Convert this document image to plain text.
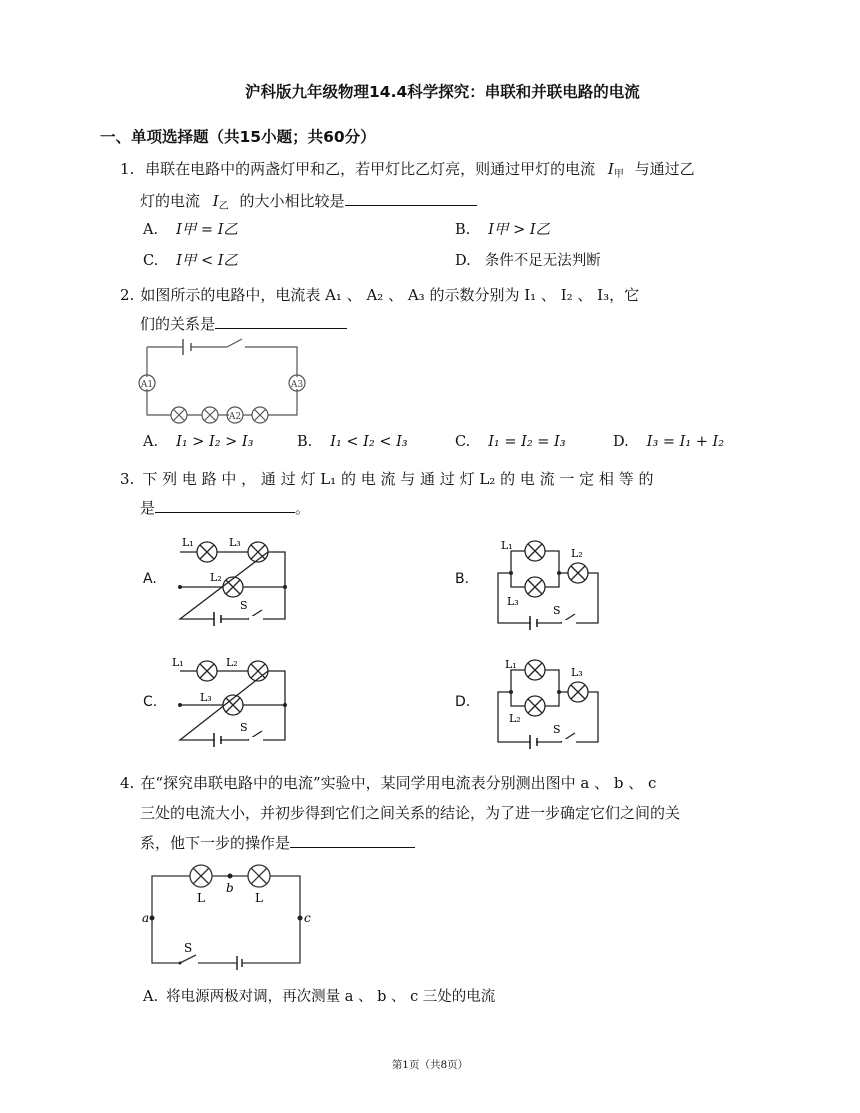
沪科版九年级物理14.4科学探究：串联和并联电路的电流
一、单项选择题（共15小题；共60分）
1. 串联在电路中的两盏灯甲和乙，若甲灯比乙灯亮，则通过甲灯的电流 $I_甲$ 与通过乙
灯的电流 $I_乙$ 的大小相比较是
A. I甲 = I乙	B. I甲 > I乙
C. I甲 < I乙	D. 条件不足无法判断
2. 如图所示的电路中，电流表 A₁ 、 A₂ 、 A₃ 的示数分别为 I₁ 、 I₂ 、 I₃，它
们的关系是
A1
A2
A3
A. I₁ > I₂ > I₃	B. I₁ < I₂ < I₃	C. I₁ = I₂ = I₃	D. I₃ = I₁ + I₂
3. 下 列 电 路 中 ， 通 过 灯 L₁ 的 电 流 与 通 过 灯 L₂ 的 电 流 一 定 相 等 的
是	。
A.	B.
C.	D.
L₁	L₃
L₂
S
L₁
L₂
L₃
S
L₁	L₂
L₃
S
L₁
L₃
L₂
S
4. 在“探究串联电路中的电流”实验中，某同学用电流表分别测出图中 a 、 b 、 c
三处的电流大小，并初步得到它们之间关系的结论，为了进一步确定它们之间的关
系，他下一步的操作是
b
a	c
L	L
S
A. 将电源两极对调，再次测量 a 、 b 、 c 三处的电流
第1页（共8页）
